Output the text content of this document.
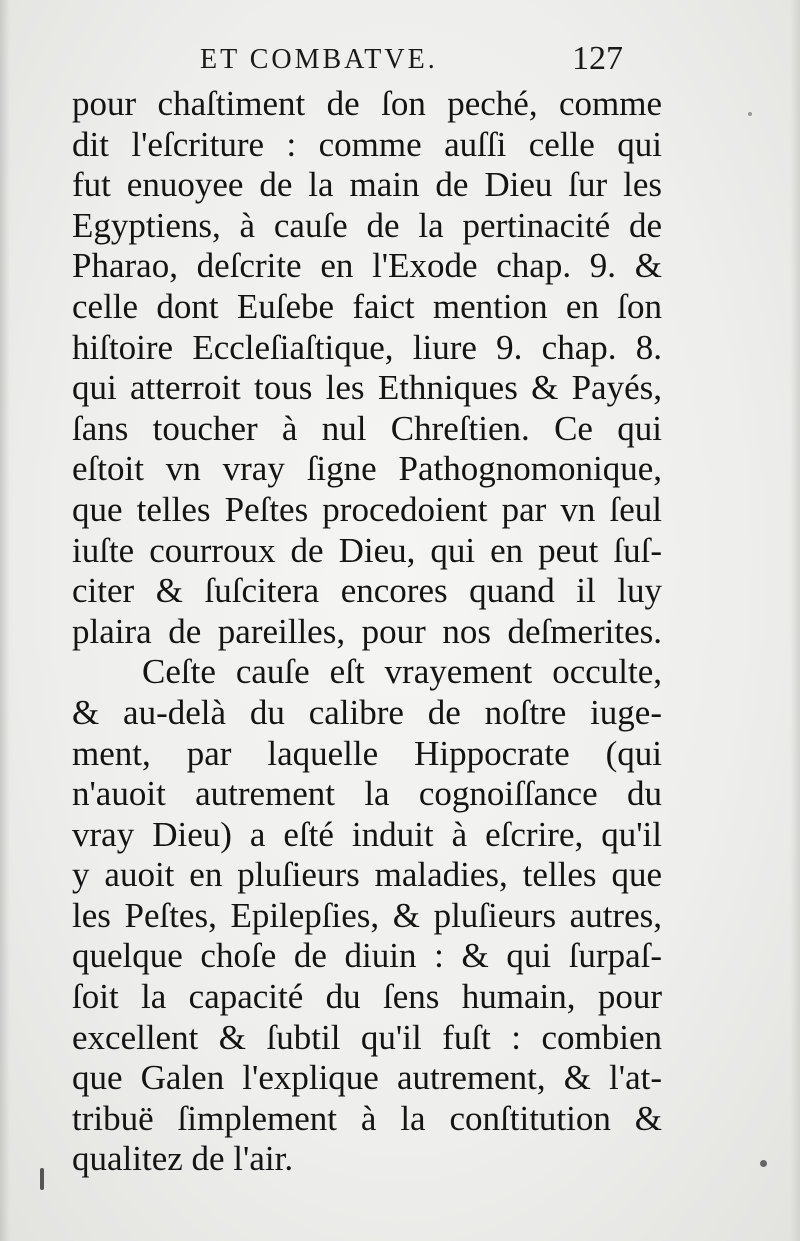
ET COMBATVE.	127
pour chaſtiment de ſon peché, comme
dit l'eſcriture : comme auſſi celle qui
fut enuoyee de la main de Dieu ſur les
Egyptiens, à cauſe de la pertinacité de
Pharao, deſcrite en l'Exode chap. 9. &
celle dont Euſebe faict mention en ſon
hiſtoire Eccleſiaſtique, liure 9. chap. 8.
qui atterroit tous les Ethniques & Payés,
ſans toucher à nul Chreſtien. Ce qui
eſtoit vn vray ſigne Pathognomonique,
que telles Peſtes procedoient par vn ſeul
iuſte courroux de Dieu, qui en peut ſuſ-
citer & ſuſcitera encores quand il luy
plaira de pareilles, pour nos deſmerites.
Ceſte cauſe eſt vrayement occulte,
& au-delà du calibre de noſtre iuge-
ment, par laquelle Hippocrate (qui
n'auoit autrement la cognoiſſance du
vray Dieu) a eſté induit à eſcrire, qu'il
y auoit en pluſieurs maladies, telles que
les Peſtes, Epilepſies, & pluſieurs autres,
quelque choſe de diuin : & qui ſurpaſ-
ſoit la capacité du ſens humain, pour
excellent & ſubtil qu'il fuſt : combien
que Galen l'explique autrement, & l'at-
tribuë ſimplement à la conſtitution &
qualitez de l'air.
